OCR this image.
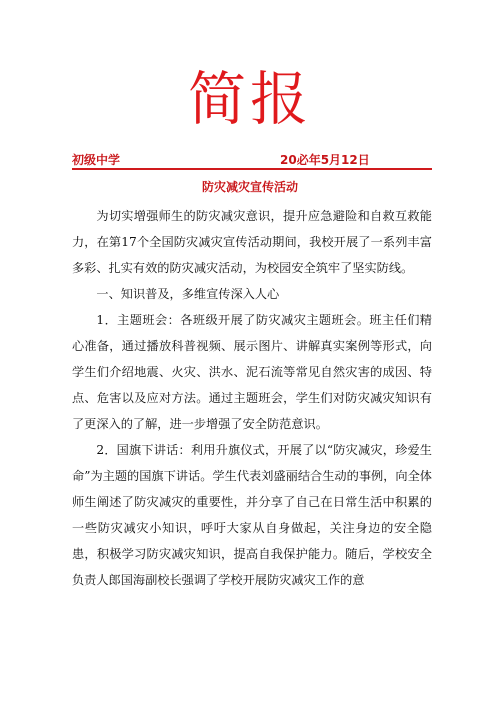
简报
初级中学	20必年5月12日
防灾减灾宣传活动

为切实增强师生的防灾减灾意识，提升应急避险和自救互救能力，在第17个全国防灾减灾宣传活动期间，我校开展了一系列丰富多彩、扎实有效的防灾减灾活动，为校园安全筑牢了坚实防线。

一、知识普及，多维宣传深入人心

1．主题班会：各班级开展了防灾减灾主题班会。班主任们精心准备，通过播放科普视频、展示图片、讲解真实案例等形式，向学生们介绍地震、火灾、洪水、泥石流等常见自然灾害的成因、特点、危害以及应对方法。通过主题班会，学生们对防灾减灾知识有了更深入的了解，进一步增强了安全防范意识。

2．国旗下讲话：利用升旗仪式，开展了以“防灾减灾，珍爱生命”为主题的国旗下讲话。学生代表刘盛丽结合生动的事例，向全体师生阐述了防灾减灾的重要性，并分享了自己在日常生活中积累的一些防灾减灾小知识，呼吁大家从自身做起，关注身边的安全隐患，积极学习防灾减灾知识，提高自我保护能力。随后，学校安全负责人郎国海副校长强调了学校开展防灾减灾工作的意
